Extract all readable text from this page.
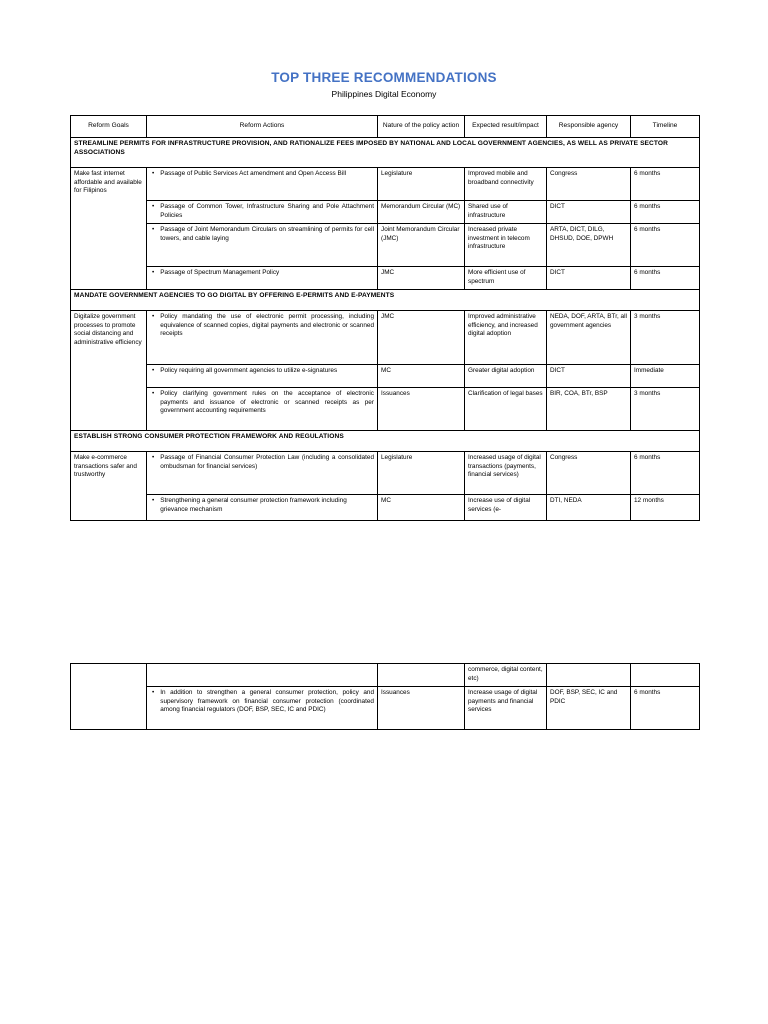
TOP THREE RECOMMENDATIONS
Philippines Digital Economy
Reform Goals	Reform Actions	Nature of the policy action	Expected result/impact	Responsible agency	Timeline
STREAMLINE PERMITS FOR INFRASTRUCTURE PROVISION, AND RATIONALIZE FEES IMPOSED BY NATIONAL AND LOCAL GOVERNMENT AGENCIES, AS WELL AS PRIVATE SECTOR ASSOCIATIONS					
Make fast internet affordable and available for Filipinos	• Passage of Public Services Act amendment and Open Access Bill	Legislature	Improved mobile and broadband connectivity	Congress	6 months

	• Passage of Common Tower, Infrastructure Sharing and Pole Attachment Policies	Memorandum Circular (MC)	Shared use of infrastructure	DICT	6 months

	• Passage of Joint Memorandum Circulars on streamlining of permits for cell towers, and cable laying	Joint Memorandum Circular (JMC)	Increased private investment in telecom infrastructure	ARTA, DICT, DILG, DHSUD, DOE, DPWH	6 months

	• Passage of Spectrum Management Policy	JMC	More efficient use of spectrum	DICT	6 months
MANDATE GOVERNMENT AGENCIES TO GO DIGITAL BY OFFERING E-PERMITS AND E-PAYMENTS					
Digitalize government processes to promote social distancing and administrative efficiency	• Policy mandating the use of electronic permit processing, including equivalence of scanned copies, digital payments and electronic or scanned receipts	JMC	Improved administrative efficiency, and increased digital adoption	NEDA, DOF, ARTA, BTr, all government agencies	3 months

	• Policy requiring all government agencies to utilize e-signatures	MC	Greater digital adoption	DICT	Immediate

	• Policy clarifying government rules on the acceptance of electronic payments and issuance of electronic or scanned receipts as per government accounting requirements	Issuances	Clarification of legal bases	BIR, COA, BTr, BSP	3 months
ESTABLISH STRONG CONSUMER PROTECTION FRAMEWORK AND REGULATIONS					
Make e-commerce transactions safer and trustworthy	• Passage of Financial Consumer Protection Law (including a consolidated ombudsman for financial services)	Legislature	Increased usage of digital transactions (payments, financial services)	Congress	6 months

	• Strengthening a general consumer protection framework including grievance mechanism	MC	Increase use of digital services (e-	DTI, NEDA	12 months
			commerce, digital content, etc)		

	• In addition to strengthen a general consumer protection, policy and supervisory framework on financial consumer protection (coordinated among financial regulators (DOF, BSP, SEC, IC and PDIC)	Issuances	Increase usage of digital payments and financial services	DOF, BSP, SEC, IC and PDIC	6 months
